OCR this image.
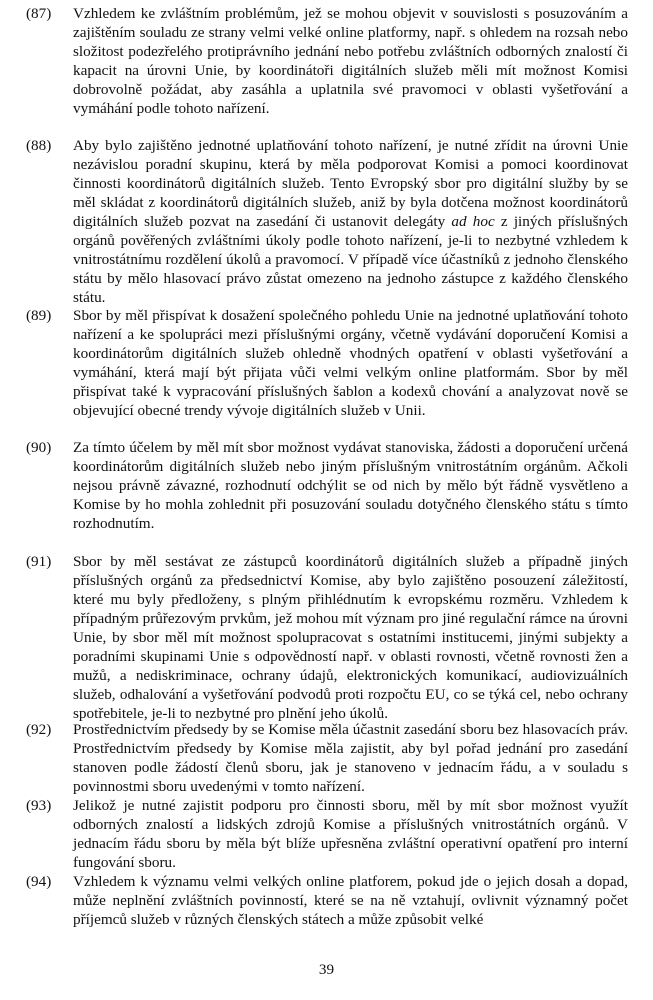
(87) Vzhledem ke zvláštním problémům, jež se mohou objevit v souvislosti s posuzováním a zajištěním souladu ze strany velmi velké online platformy, např. s ohledem na rozsah nebo složitost podezřelého protiprávního jednání nebo potřebu zvláštních odborných znalostí či kapacit na úrovni Unie, by koordinátoři digitálních služeb měli mít možnost Komisi dobrovolně požádat, aby zasáhla a uplatnila své pravomoci v oblasti vyšetřování a vymáhání podle tohoto nařízení.
(88) Aby bylo zajištěno jednotné uplatňování tohoto nařízení, je nutné zřídit na úrovni Unie nezávislou poradní skupinu, která by měla podporovat Komisi a pomoci koordinovat činnosti koordinátorů digitálních služeb. Tento Evropský sbor pro digitální služby by se měl skládat z koordinátorů digitálních služeb, aniž by byla dotčena možnost koordinátorů digitálních služeb pozvat na zasedání či ustanovit delegáty ad hoc z jiných příslušných orgánů pověřených zvláštními úkoly podle tohoto nařízení, je-li to nezbytné vzhledem k vnitrostátnímu rozdělení úkolů a pravomocí. V případě více účastníků z jednoho členského státu by mělo hlasovací právo zůstat omezeno na jednoho zástupce z každého členského státu.
(89) Sbor by měl přispívat k dosažení společného pohledu Unie na jednotné uplatňování tohoto nařízení a ke spolupráci mezi příslušnými orgány, včetně vydávání doporučení Komisi a koordinátorům digitálních služeb ohledně vhodných opatření v oblasti vyšetřování a vymáhání, která mají být přijata vůči velmi velkým online platformám. Sbor by měl přispívat také k vypracování příslušných šablon a kodexů chování a analyzovat nově se objevující obecné trendy vývoje digitálních služeb v Unii.
(90) Za tímto účelem by měl mít sbor možnost vydávat stanoviska, žádosti a doporučení určená koordinátorům digitálních služeb nebo jiným příslušným vnitrostátním orgánům. Ačkoli nejsou právně závazné, rozhodnutí odchýlit se od nich by mělo být řádně vysvětleno a Komise by ho mohla zohlednit při posuzování souladu dotyčného členského státu s tímto rozhodnutím.
(91) Sbor by měl sestávat ze zástupců koordinátorů digitálních služeb a případně jiných příslušných orgánů za předsednictví Komise, aby bylo zajištěno posouzení záležitostí, které mu byly předloženy, s plným přihlédnutím k evropskému rozměru. Vzhledem k případným průřezovým prvkům, jež mohou mít význam pro jiné regulační rámce na úrovni Unie, by sbor měl mít možnost spolupracovat s ostatními institucemi, jinými subjekty a poradními skupinami Unie s odpovědností např. v oblasti rovnosti, včetně rovnosti žen a mužů, a nediskriminace, ochrany údajů, elektronických komunikací, audiovizuálních služeb, odhalování a vyšetřování podvodů proti rozpočtu EU, co se týká cel, nebo ochrany spotřebitele, je-li to nezbytné pro plnění jeho úkolů.
(92) Prostřednictvím předsedy by se Komise měla účastnit zasedání sboru bez hlasovacích práv. Prostřednictvím předsedy by Komise měla zajistit, aby byl pořad jednání pro zasedání stanoven podle žádostí členů sboru, jak je stanoveno v jednacím řádu, a v souladu s povinnostmi sboru uvedenými v tomto nařízení.
(93) Jelikož je nutné zajistit podporu pro činnosti sboru, měl by mít sbor možnost využít odborných znalostí a lidských zdrojů Komise a příslušných vnitrostátních orgánů. V jednacím řádu sboru by měla být blíže upřesněna zvláštní operativní opatření pro interní fungování sboru.
(94) Vzhledem k významu velmi velkých online platforem, pokud jde o jejich dosah a dopad, může neplnění zvláštních povinností, které se na ně vztahují, ovlivnit významný počet příjemců služeb v různých členských státech a může způsobit velké
39
